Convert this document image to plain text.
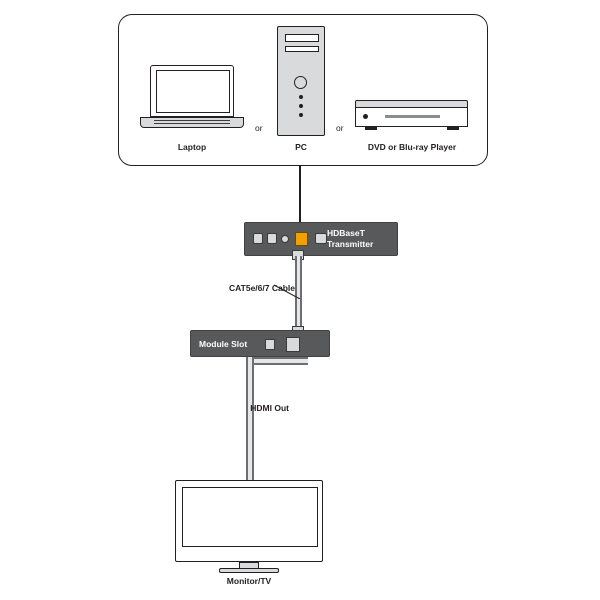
Laptop
or
PC
or
DVD or Blu-ray Player
HDBaseT
Transmitter
CAT5e/6/7 Cable
Module Slot
HDMI Out
Monitor/TV
